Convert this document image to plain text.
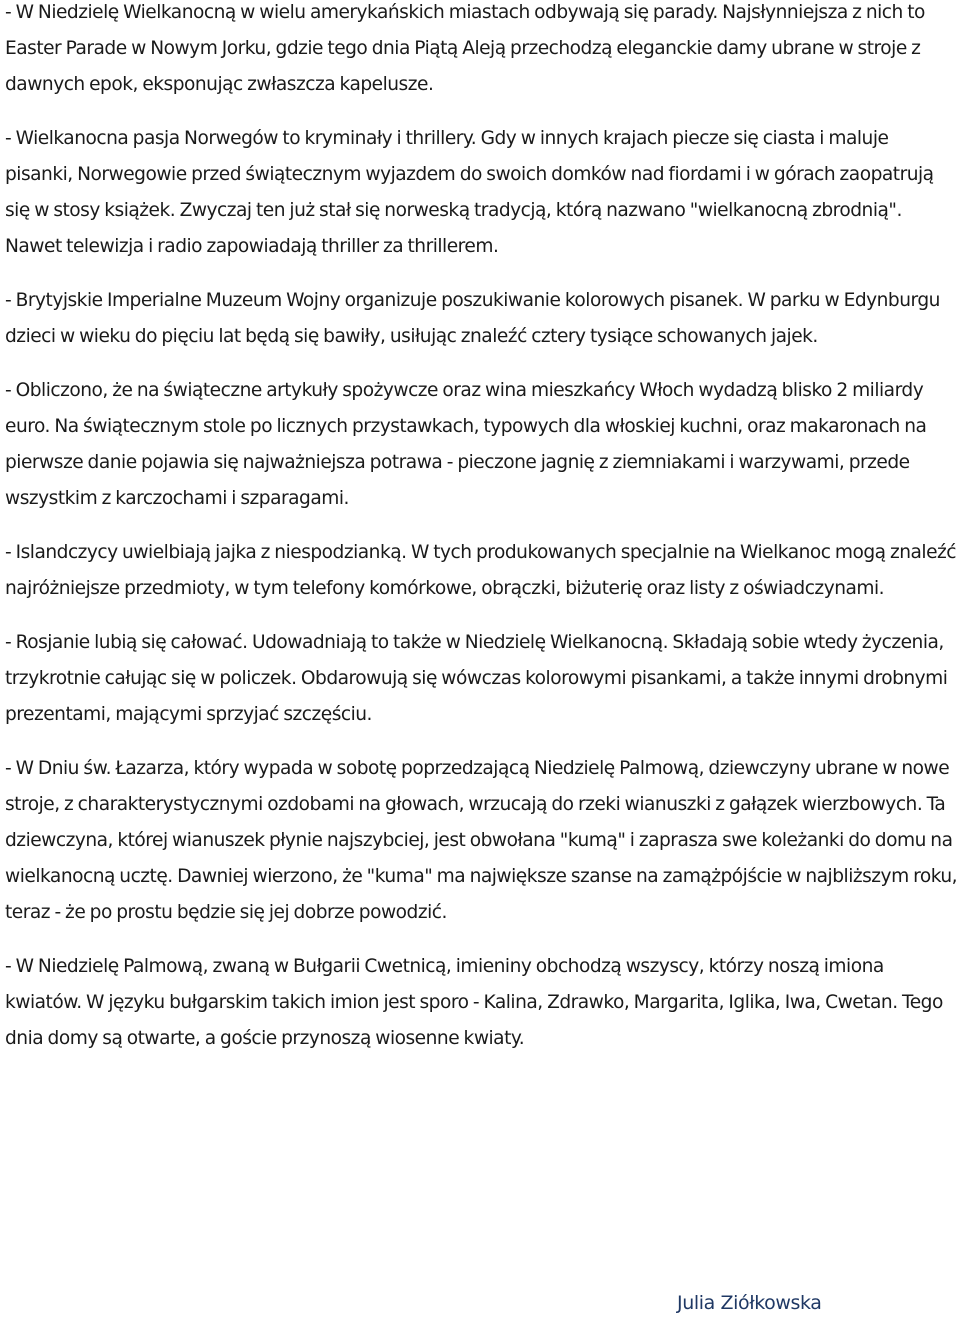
- W Niedzielę Wielkanocną w wielu amerykańskich miastach odbywają się parady. Najsłynniejsza z nich to Easter Parade w Nowym Jorku, gdzie tego dnia Piątą Aleją przechodzą eleganckie damy ubrane w stroje z dawnych epok, eksponując zwłaszcza kapelusze.

- Wielkanocna pasja Norwegów to kryminały i thrillery. Gdy w innych krajach piecze się ciasta i maluje pisanki, Norwegowie przed świątecznym wyjazdem do swoich domków nad fiordami i w górach zaopatrują się w stosy książek. Zwyczaj ten już stał się norweską tradycją, którą nazwano "wielkanocną zbrodnią". Nawet telewizja i radio zapowiadają thriller za thrillerem.

- Brytyjskie Imperialne Muzeum Wojny organizuje poszukiwanie kolorowych pisanek. W parku w Edynburgu dzieci w wieku do pięciu lat będą się bawiły, usiłując znaleźć cztery tysiące schowanych jajek.

- Obliczono, że na świąteczne artykuły spożywcze oraz wina mieszkańcy Włoch wydadzą blisko 2 miliardy euro. Na świątecznym stole po licznych przystawkach, typowych dla włoskiej kuchni, oraz makaronach na pierwsze danie pojawia się najważniejsza potrawa - pieczone jagnię z ziemniakami i warzywami, przede wszystkim z karczochami i szparagami.

- Islandczycy uwielbiają jajka z niespodzianką. W tych produkowanych specjalnie na Wielkanoc mogą znaleźć najróżniejsze przedmioty, w tym telefony komórkowe, obrączki, biżuterię oraz listy z oświadczynami.

- Rosjanie lubią się całować. Udowadniają to także w Niedzielę Wielkanocną. Składają sobie wtedy życzenia, trzykrotnie całując się w policzek. Obdarowują się wówczas kolorowymi pisankami, a także innymi drobnymi prezentami, mającymi sprzyjać szczęściu.

- W Dniu św. Łazarza, który wypada w sobotę poprzedzającą Niedzielę Palmową, dziewczyny ubrane w nowe stroje, z charakterystycznymi ozdobami na głowach, wrzucają do rzeki wianuszki z gałązek wierzbowych. Ta dziewczyna, której wianuszek płynie najszybciej, jest obwołana "kumą" i zaprasza swe koleżanki do domu na wielkanocną ucztę. Dawniej wierzono, że "kuma" ma największe szanse na zamążpójście w najbliższym roku, teraz - że po prostu będzie się jej dobrze powodzić.

- W Niedzielę Palmową, zwaną w Bułgarii Cwetnicą, imieniny obchodzą wszyscy, którzy noszą imiona kwiatów. W języku bułgarskim takich imion jest sporo - Kalina, Zdrawko, Margarita, Iglika, Iwa, Cwetan. Tego dnia domy są otwarte, a goście przynoszą wiosenne kwiaty.

Julia Ziółkowska
